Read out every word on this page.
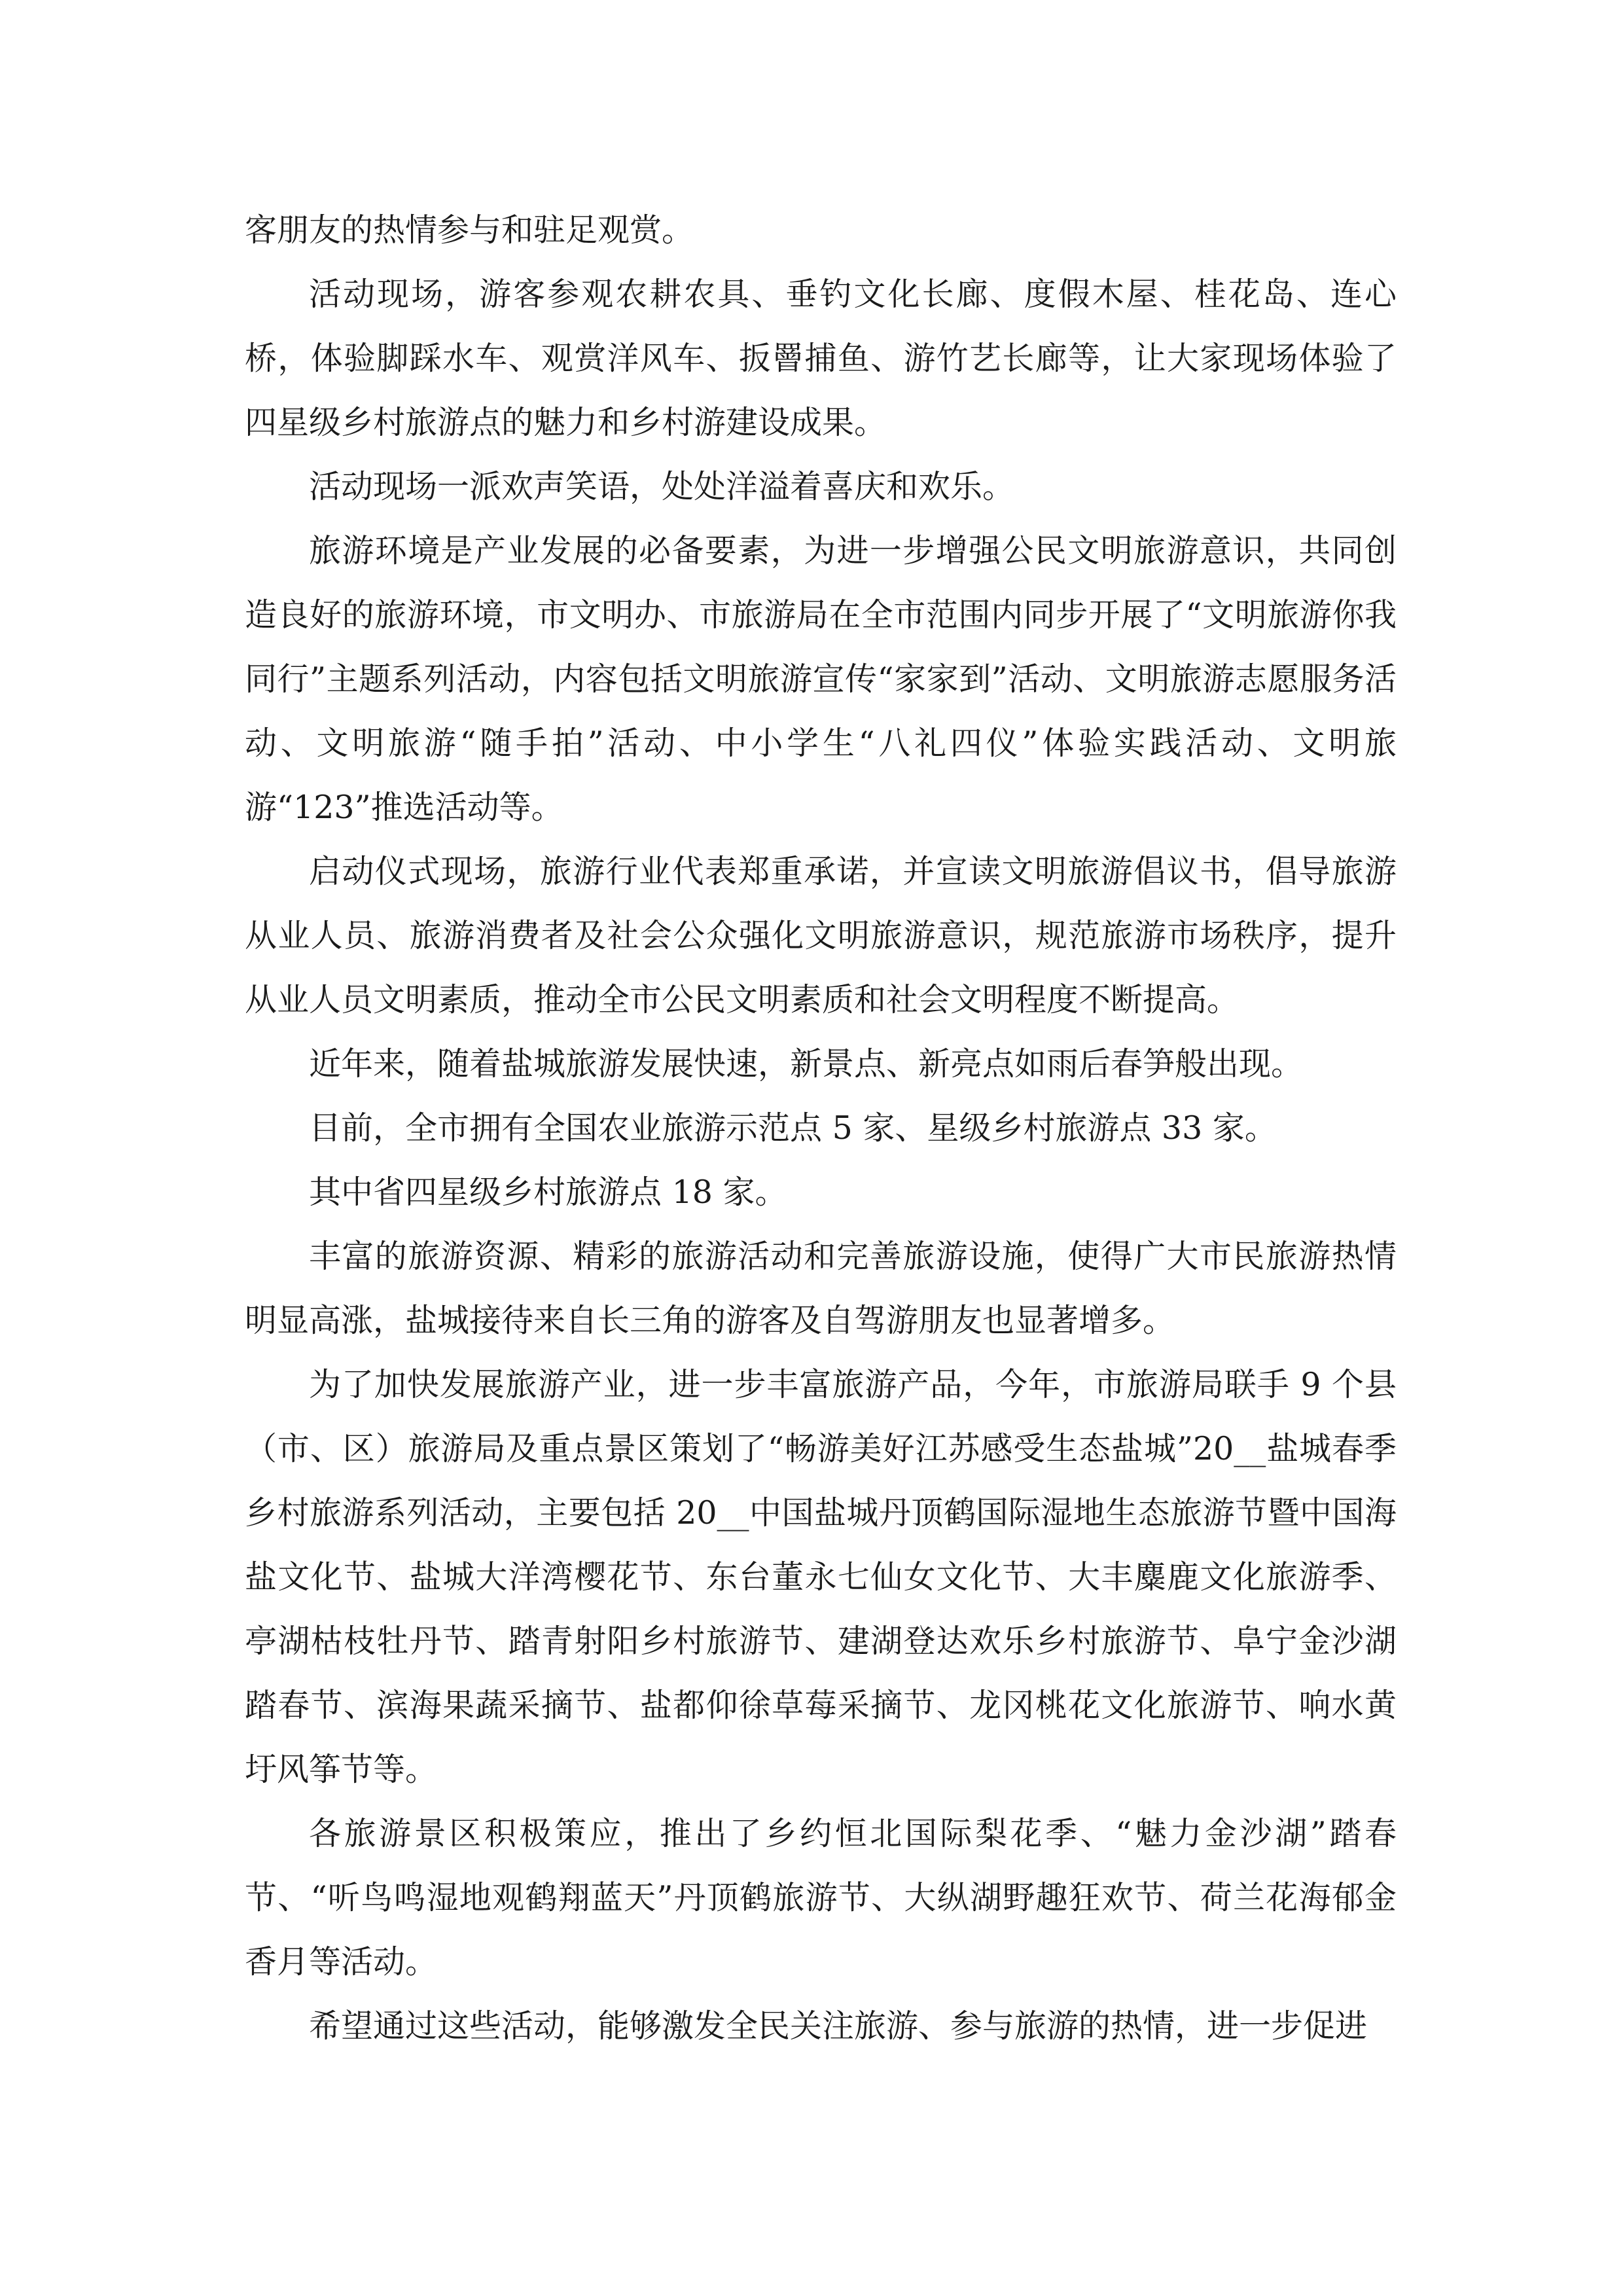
客朋友的热情参与和驻足观赏。

活动现场，游客参观农耕农具、垂钓文化长廊、度假木屋、桂花岛、连心桥，体验脚踩水车、观赏洋风车、扳罾捕鱼、游竹艺长廊等，让大家现场体验了四星级乡村旅游点的魅力和乡村游建设成果。

活动现场一派欢声笑语，处处洋溢着喜庆和欢乐。

旅游环境是产业发展的必备要素，为进一步增强公民文明旅游意识，共同创造良好的旅游环境，市文明办、市旅游局在全市范围内同步开展了“文明旅游你我同行”主题系列活动，内容包括文明旅游宣传“家家到”活动、文明旅游志愿服务活动、文明旅游“随手拍”活动、中小学生“八礼四仪”体验实践活动、文明旅游“123”推选活动等。

启动仪式现场，旅游行业代表郑重承诺，并宣读文明旅游倡议书，倡导旅游从业人员、旅游消费者及社会公众强化文明旅游意识，规范旅游市场秩序，提升从业人员文明素质，推动全市公民文明素质和社会文明程度不断提高。

近年来，随着盐城旅游发展快速，新景点、新亮点如雨后春笋般出现。

目前，全市拥有全国农业旅游示范点 5 家、星级乡村旅游点 33 家。

其中省四星级乡村旅游点 18 家。

丰富的旅游资源、精彩的旅游活动和完善旅游设施，使得广大市民旅游热情明显高涨，盐城接待来自长三角的游客及自驾游朋友也显著增多。

为了加快发展旅游产业，进一步丰富旅游产品，今年，市旅游局联手 9 个县（市、区）旅游局及重点景区策划了“畅游美好江苏感受生态盐城”20__盐城春季乡村旅游系列活动，主要包括 20__中国盐城丹顶鹤国际湿地生态旅游节暨中国海盐文化节、盐城大洋湾樱花节、东台董永七仙女文化节、大丰麋鹿文化旅游季、亭湖枯枝牡丹节、踏青射阳乡村旅游节、建湖登达欢乐乡村旅游节、阜宁金沙湖踏春节、滨海果蔬采摘节、盐都仰徐草莓采摘节、龙冈桃花文化旅游节、响水黄圩风筝节等。

各旅游景区积极策应，推出了乡约恒北国际梨花季、“魅力金沙湖”踏春节、“听鸟鸣湿地观鹤翔蓝天”丹顶鹤旅游节、大纵湖野趣狂欢节、荷兰花海郁金香月等活动。

希望通过这些活动，能够激发全民关注旅游、参与旅游的热情，进一步促进
